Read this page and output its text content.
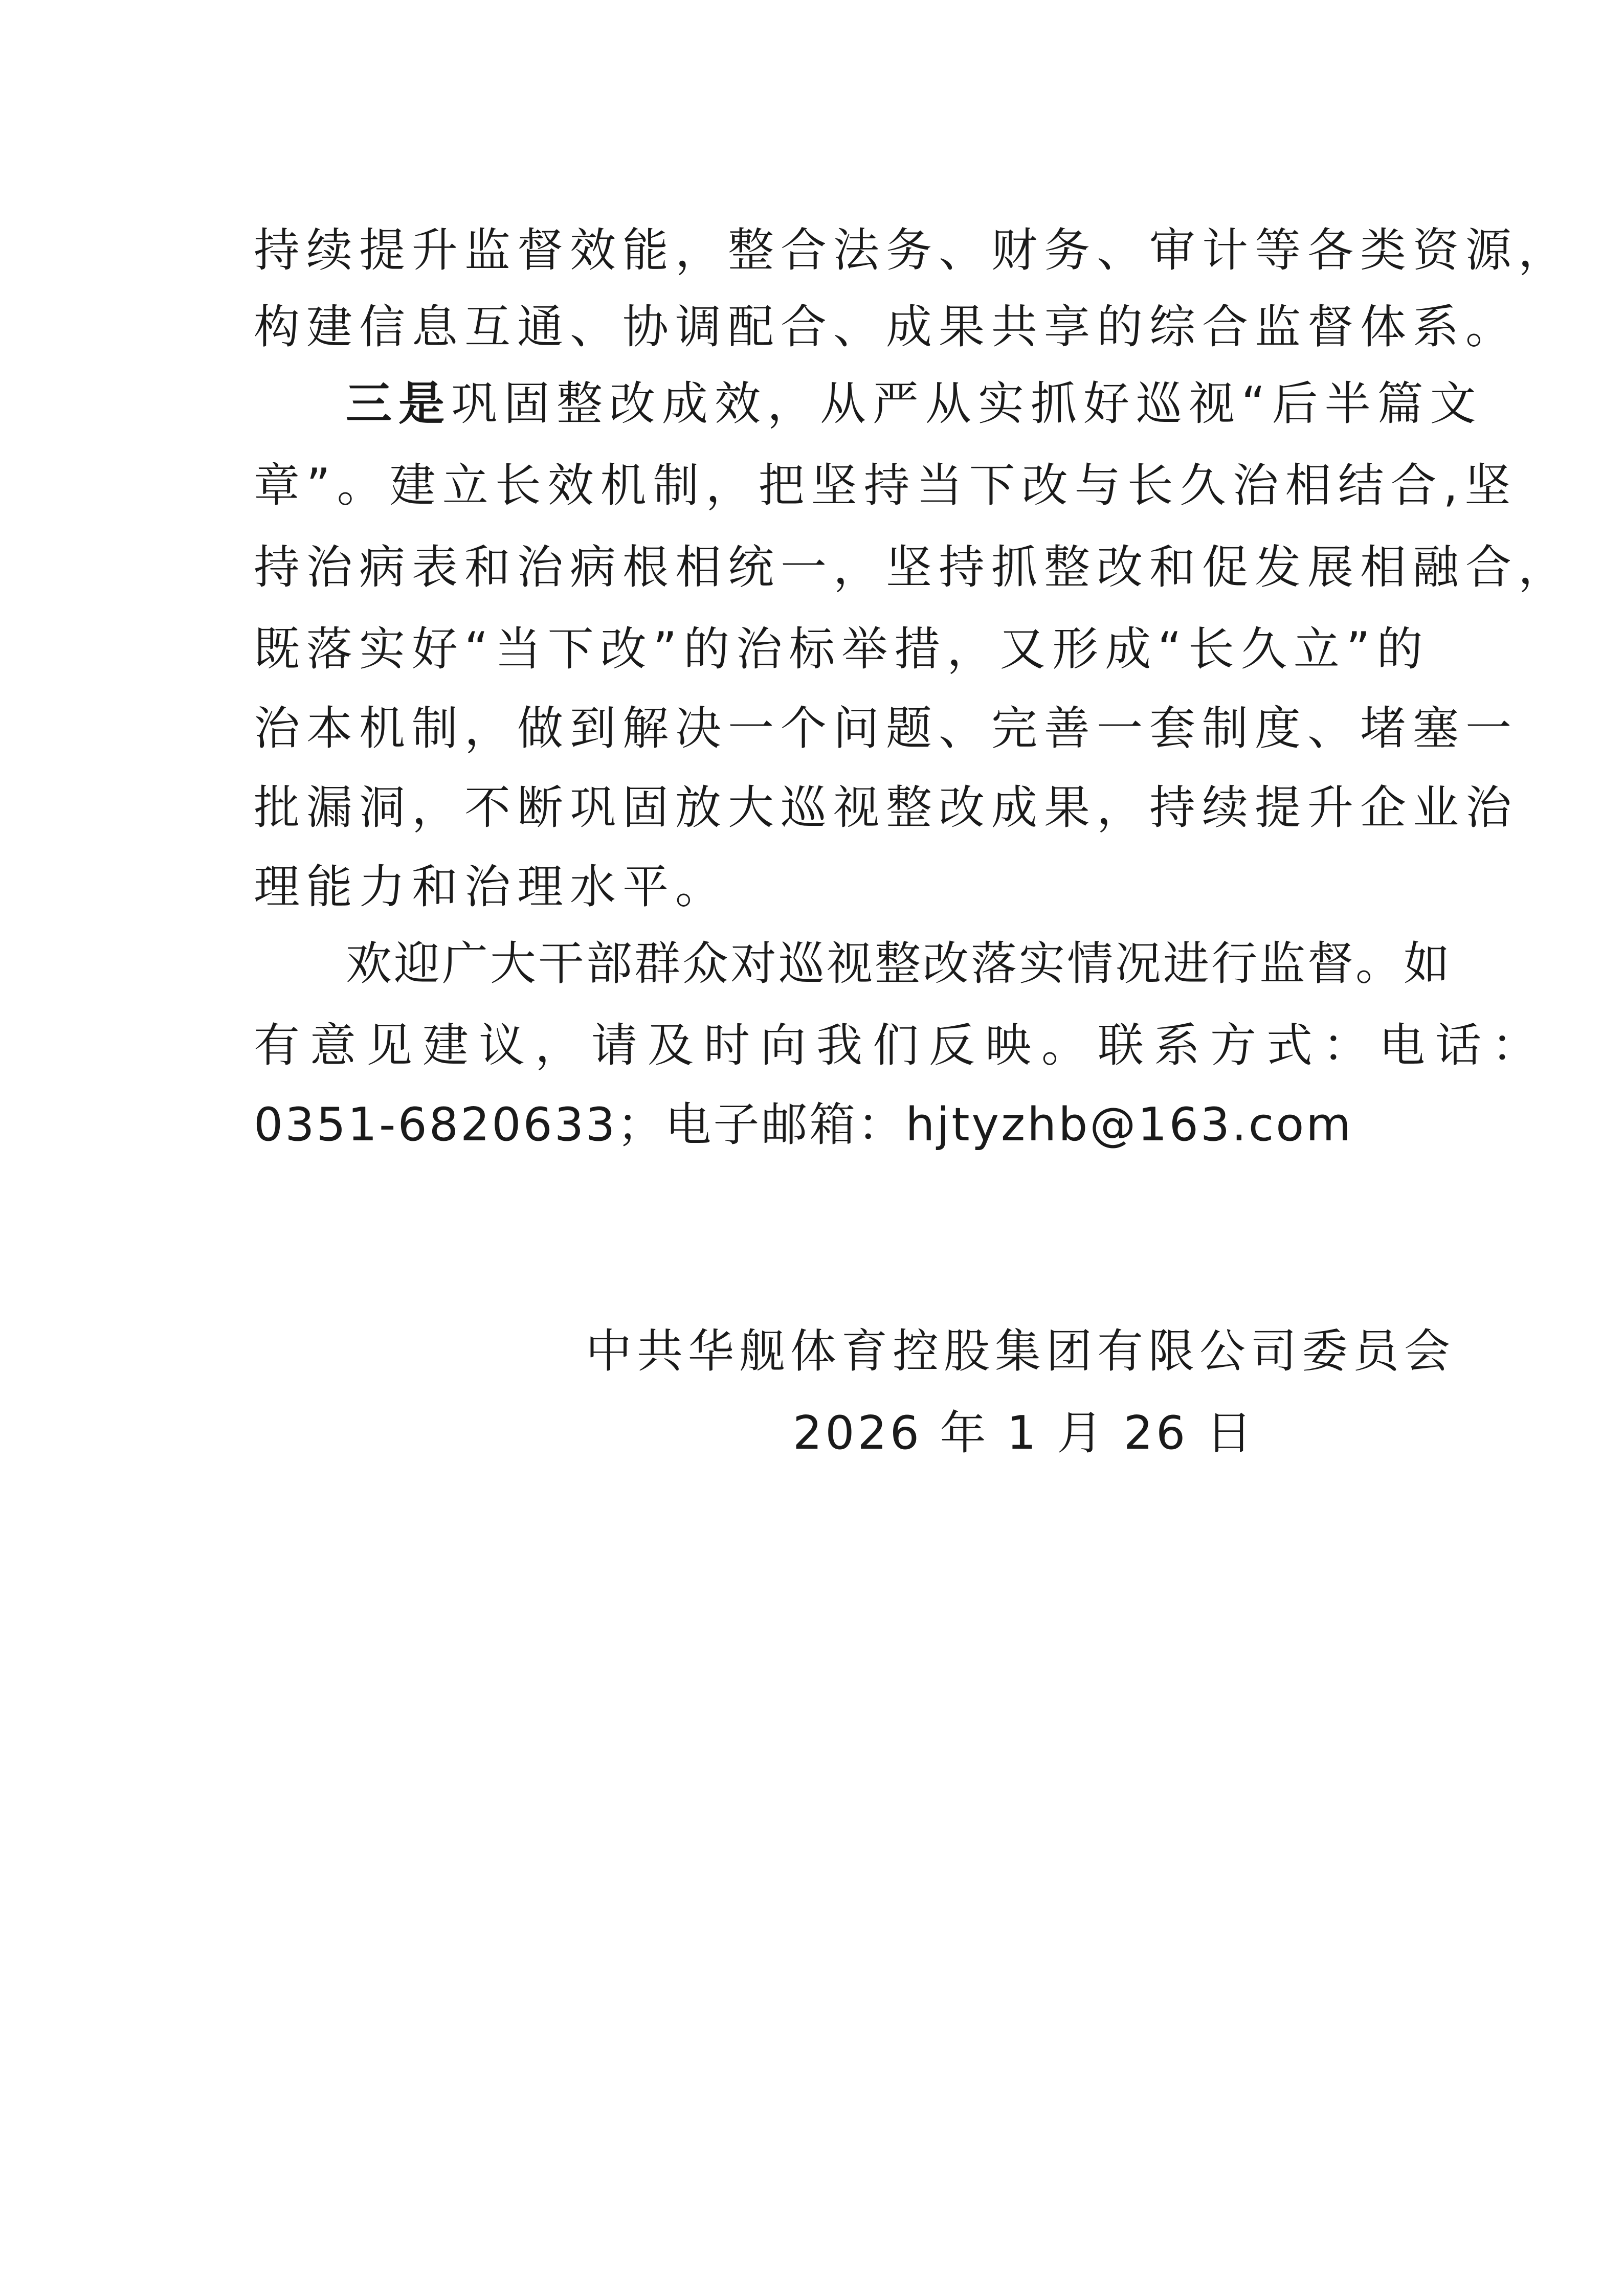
持续提升监督效能，整合法务、财务、审计等各类资源，
构建信息互通、协调配合、成果共享的综合监督体系。
三是巩固整改成效，从严从实抓好巡视“后半篇文
章”。建立长效机制，把坚持当下改与长久治相结合,坚
持治病表和治病根相统一，坚持抓整改和促发展相融合，
既落实好“当下改”的治标举措，又形成“长久立”的
治本机制，做到解决一个问题、完善一套制度、堵塞一
批漏洞，不断巩固放大巡视整改成果，持续提升企业治
理能力和治理水平。
欢迎广大干部群众对巡视整改落实情况进行监督。如
有意见建议，请及时向我们反映。联系方式：电话：
0351-6820633；电子邮箱：hjtyzhb@163.com
中共华舰体育控股集团有限公司委员会
2026 年 1 月 26 日
